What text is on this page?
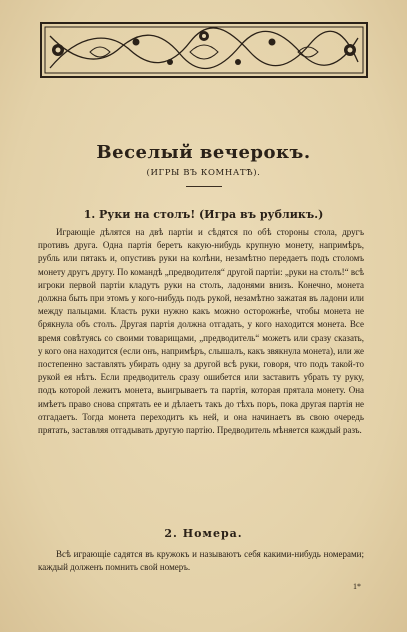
Веселый вечерокъ.
(ИГРЫ ВЪ КОМНАТѢ).
1. Руки на столъ! (Игра въ рубликъ.)

Играющіе дѣлятся на двѣ партіи и сѣдятся по обѣ стороны стола, другъ противъ друга. Одна партія беретъ какую-нибудь крупную монету, напримѣръ, рубль или пятакъ и, опустивъ руки на колѣни, незамѣтно передаетъ подъ столомъ монету другъ другу. По командѣ „предводителя“ другой партіи: „руки на столъ!“ всѣ игроки первой партіи кладутъ руки на столъ, ладонями внизъ. Конечно, монета должна быть при этомъ у кого-нибудь подъ рукой, незамѣтно зажатая въ ладони или между пальцами. Класть руки нужно какъ можно осторожнѣе, чтобы монета не брякнула объ столъ. Другая партія должна отгадать, у кого находится монета. Все время совѣтуясь со своими товарищами, „предводитель“ можетъ или сразу сказать, у кого она находится (если онъ, напримѣръ, слышалъ, какъ звякнула монета), или же постепенно заставлять убирать одну за другой всѣ руки, говоря, что подъ такой-то рукой ея нѣтъ. Если предводитель сразу ошибется или заставитъ убрать ту руку, подъ которой лежитъ монета, выигрываетъ та партія, которая прятала монету. Она имѣетъ право снова спрятать ее и дѣлаетъ такъ до тѣхъ поръ, пока другая партія не отгадаетъ. Тогда монета переходитъ къ ней, и она начинаетъ въ свою очередь прятать, заставляя отгадывать другую партію. Предводитель мѣняется каждый разъ.

2. Номера.

Всѣ играющіе садятся въ кружокъ и называютъ себя какими-нибудь номерами; каждый долженъ помнить свой номеръ.

1*
